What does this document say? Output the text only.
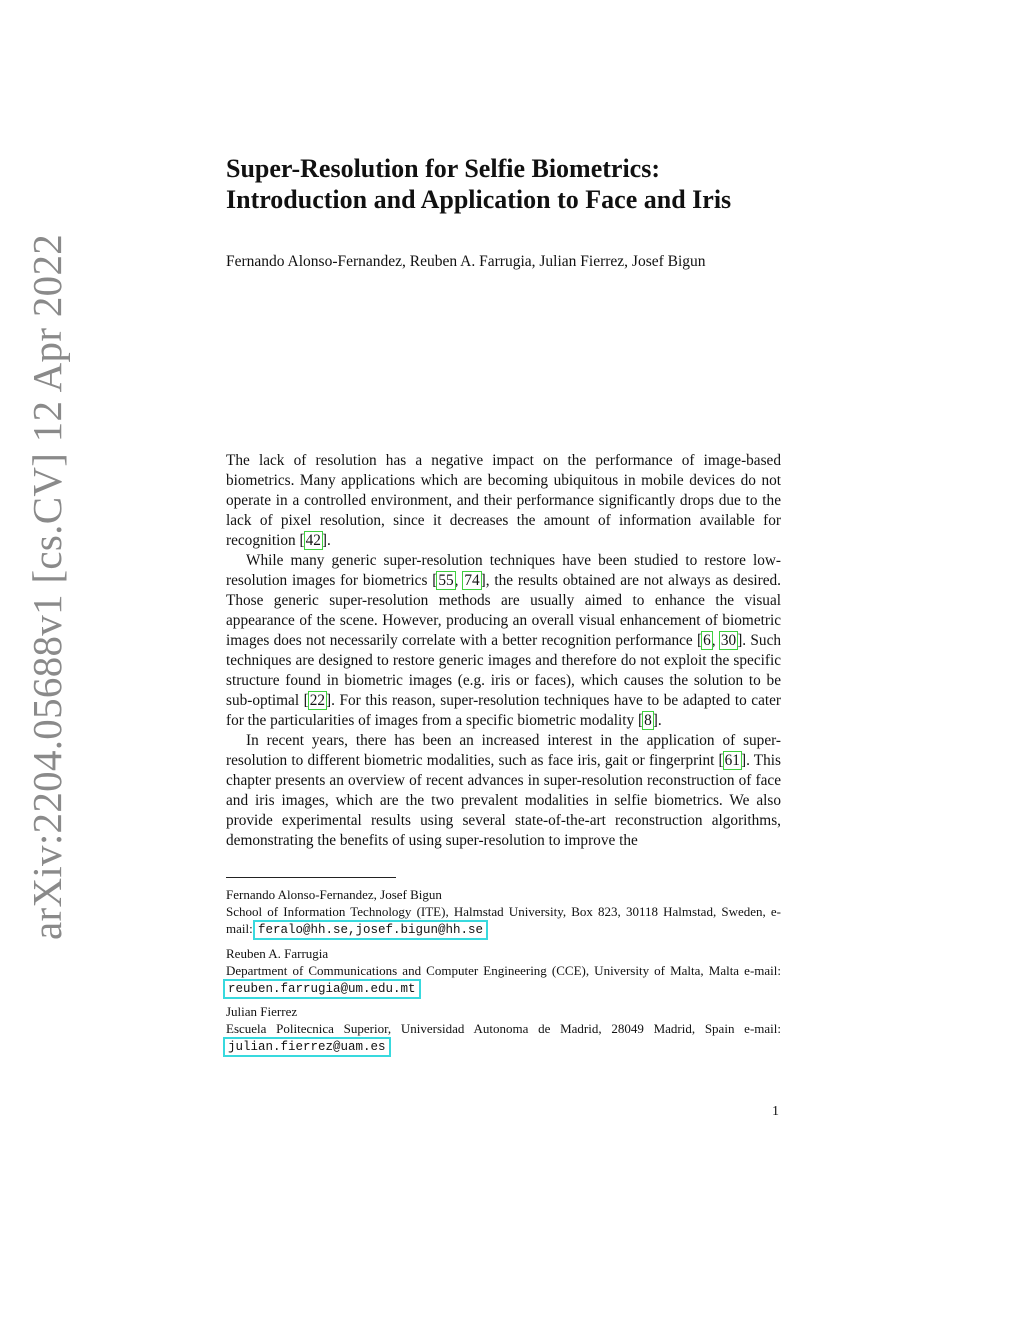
arXiv:2204.05688v1 [cs.CV] 12 Apr 2022
Super-Resolution for Selfie Biometrics:
Introduction and Application to Face and Iris
Fernando Alonso-Fernandez, Reuben A. Farrugia, Julian Fierrez, Josef Bigun

The lack of resolution has a negative impact on the performance of image-based biometrics. Many applications which are becoming ubiquitous in mobile devices do not operate in a controlled environment, and their performance significantly drops due to the lack of pixel resolution, since it decreases the amount of information available for recognition [42].

While many generic super-resolution techniques have been studied to restore low-resolution images for biometrics [55, 74], the results obtained are not always as desired. Those generic super-resolution methods are usually aimed to enhance the visual appearance of the scene. However, producing an overall visual enhancement of biometric images does not necessarily correlate with a better recognition performance [6, 30]. Such techniques are designed to restore generic images and therefore do not exploit the specific structure found in biometric images (e.g. iris or faces), which causes the solution to be sub-optimal [22]. For this reason, super-resolution techniques have to be adapted to cater for the particularities of images from a specific biometric modality [8].

In recent years, there has been an increased interest in the application of super-resolution to different biometric modalities, such as face iris, gait or fingerprint [61]. This chapter presents an overview of recent advances in super-resolution reconstruction of face and iris images, which are the two prevalent modalities in selfie biometrics. We also provide experimental results using several state-of-the-art reconstruction algorithms, demonstrating the benefits of using super-resolution to improve the

Fernando Alonso-Fernandez, Josef Bigun

School of Information Technology (ITE), Halmstad University, Box 823, 30118 Halmstad, Sweden, e-mail: feralo@hh.se,josef.bigun@hh.se

Reuben A. Farrugia

Department of Communications and Computer Engineering (CCE), University of Malta, Malta e-mail: reuben.farrugia@um.edu.mt

Julian Fierrez

Escuela Politecnica Superior, Universidad Autonoma de Madrid, 28049 Madrid, Spain e-mail: julian.fierrez@uam.es

1
